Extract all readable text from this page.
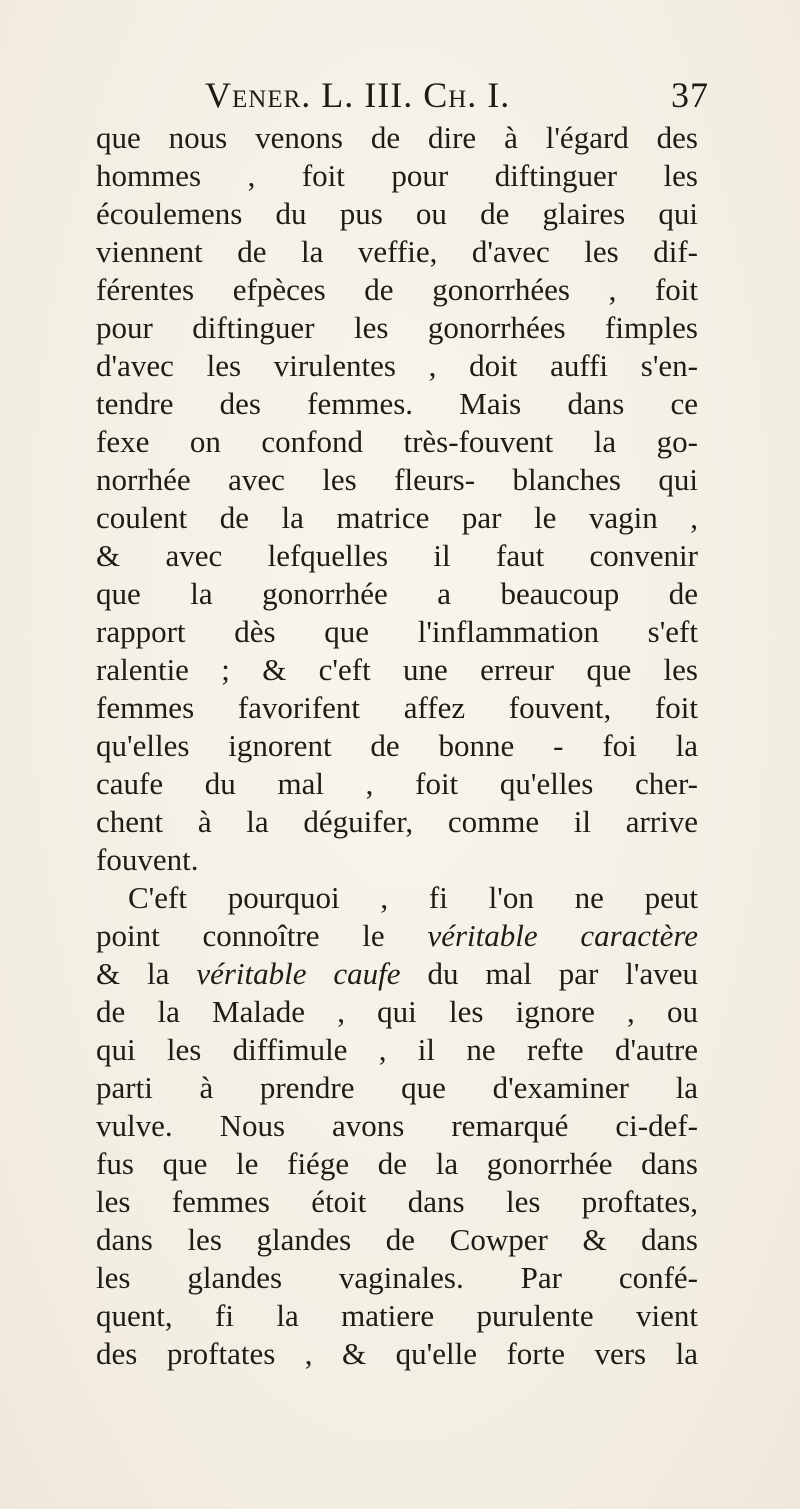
Vener. L. III. Ch. I.	37
que nous venons de dire à l'égard des
hommes , foit pour diftinguer les
écoulemens du pus ou de glaires qui
viennent de la veffie, d'avec les dif-
férentes efpèces de gonorrhées , foit
pour diftinguer les gonorrhées fimples
d'avec les virulentes , doit auffi s'en-
tendre des femmes. Mais dans ce
fexe on confond très-fouvent la go-
norrhée avec les fleurs- blanches qui
coulent de la matrice par le vagin ,
& avec lefquelles il faut convenir
que la gonorrhée a beaucoup de
rapport dès que l'inflammation s'eft
ralentie ; & c'eft une erreur que les
femmes favorifent affez fouvent, foit
qu'elles ignorent de bonne - foi la
caufe du mal , foit qu'elles cher-
chent à la déguifer, comme il arrive
fouvent.
C'eft pourquoi , fi l'on ne peut
point connoître le véritable caractère
& la véritable caufe du mal par l'aveu
de la Malade , qui les ignore , ou
qui les diffimule , il ne refte d'autre
parti à prendre que d'examiner la
vulve. Nous avons remarqué ci-def-
fus que le fiége de la gonorrhée dans
les femmes étoit dans les proftates,
dans les glandes de Cowper & dans
les glandes vaginales. Par confé-
quent, fi la matiere purulente vient
des proftates , & qu'elle forte vers la
